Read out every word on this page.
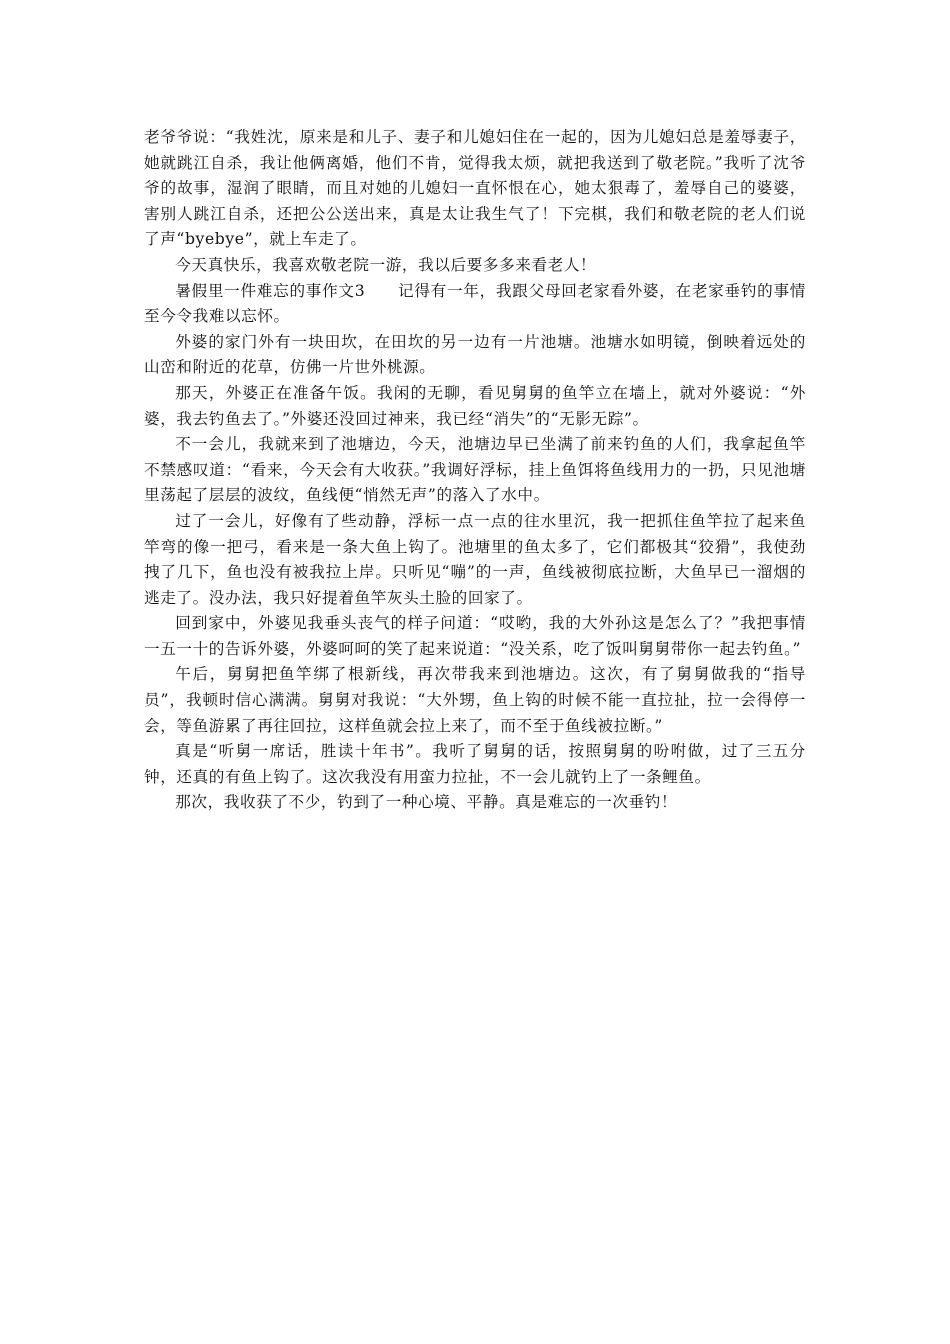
老爷爷说：“我姓沈，原来是和儿子、妻子和儿媳妇住在一起的，因为儿媳妇总是羞辱妻子，她就跳江自杀，我让他俩离婚，他们不肯，觉得我太烦，就把我送到了敬老院。”我听了沈爷爷的故事，湿润了眼睛，而且对她的儿媳妇一直怀恨在心，她太狠毒了，羞辱自己的婆婆，害别人跳江自杀，还把公公送出来，真是太让我生气了！下完棋，我们和敬老院的老人们说了声“byebye”，就上车走了。

今天真快乐，我喜欢敬老院一游，我以后要多多来看老人！

暑假里一件难忘的事作文3　　记得有一年，我跟父母回老家看外婆，在老家垂钓的事情至今令我难以忘怀。

外婆的家门外有一块田坎，在田坎的另一边有一片池塘。池塘水如明镜，倒映着远处的山峦和附近的花草，仿佛一片世外桃源。

那天，外婆正在准备午饭。我闲的无聊，看见舅舅的鱼竿立在墙上，就对外婆说：“外婆，我去钓鱼去了。”外婆还没回过神来，我已经“消失”的“无影无踪”。

不一会儿，我就来到了池塘边，今天，池塘边早已坐满了前来钓鱼的人们，我拿起鱼竿不禁感叹道：“看来，今天会有大收获。”我调好浮标，挂上鱼饵将鱼线用力的一扔，只见池塘里荡起了层层的波纹，鱼线便“悄然无声”的落入了水中。

过了一会儿，好像有了些动静，浮标一点一点的往水里沉，我一把抓住鱼竿拉了起来鱼竿弯的像一把弓，看来是一条大鱼上钩了。池塘里的鱼太多了，它们都极其“狡猾”，我使劲拽了几下，鱼也没有被我拉上岸。只听见“嘣”的一声，鱼线被彻底拉断，大鱼早已一溜烟的逃走了。没办法，我只好提着鱼竿灰头土脸的回家了。

回到家中，外婆见我垂头丧气的样子问道：“哎哟，我的大外孙这是怎么了？”我把事情一五一十的告诉外婆，外婆呵呵的笑了起来说道：“没关系，吃了饭叫舅舅带你一起去钓鱼。”

午后，舅舅把鱼竿绑了根新线，再次带我来到池塘边。这次，有了舅舅做我的“指导员”，我顿时信心满满。舅舅对我说：“大外甥，鱼上钩的时候不能一直拉扯，拉一会得停一会，等鱼游累了再往回拉，这样鱼就会拉上来了，而不至于鱼线被拉断。”

真是“听舅一席话，胜读十年书”。我听了舅舅的话，按照舅舅的吩咐做，过了三五分钟，还真的有鱼上钩了。这次我没有用蛮力拉扯，不一会儿就钓上了一条鲤鱼。

那次，我收获了不少，钓到了一种心境、平静。真是难忘的一次垂钓！
